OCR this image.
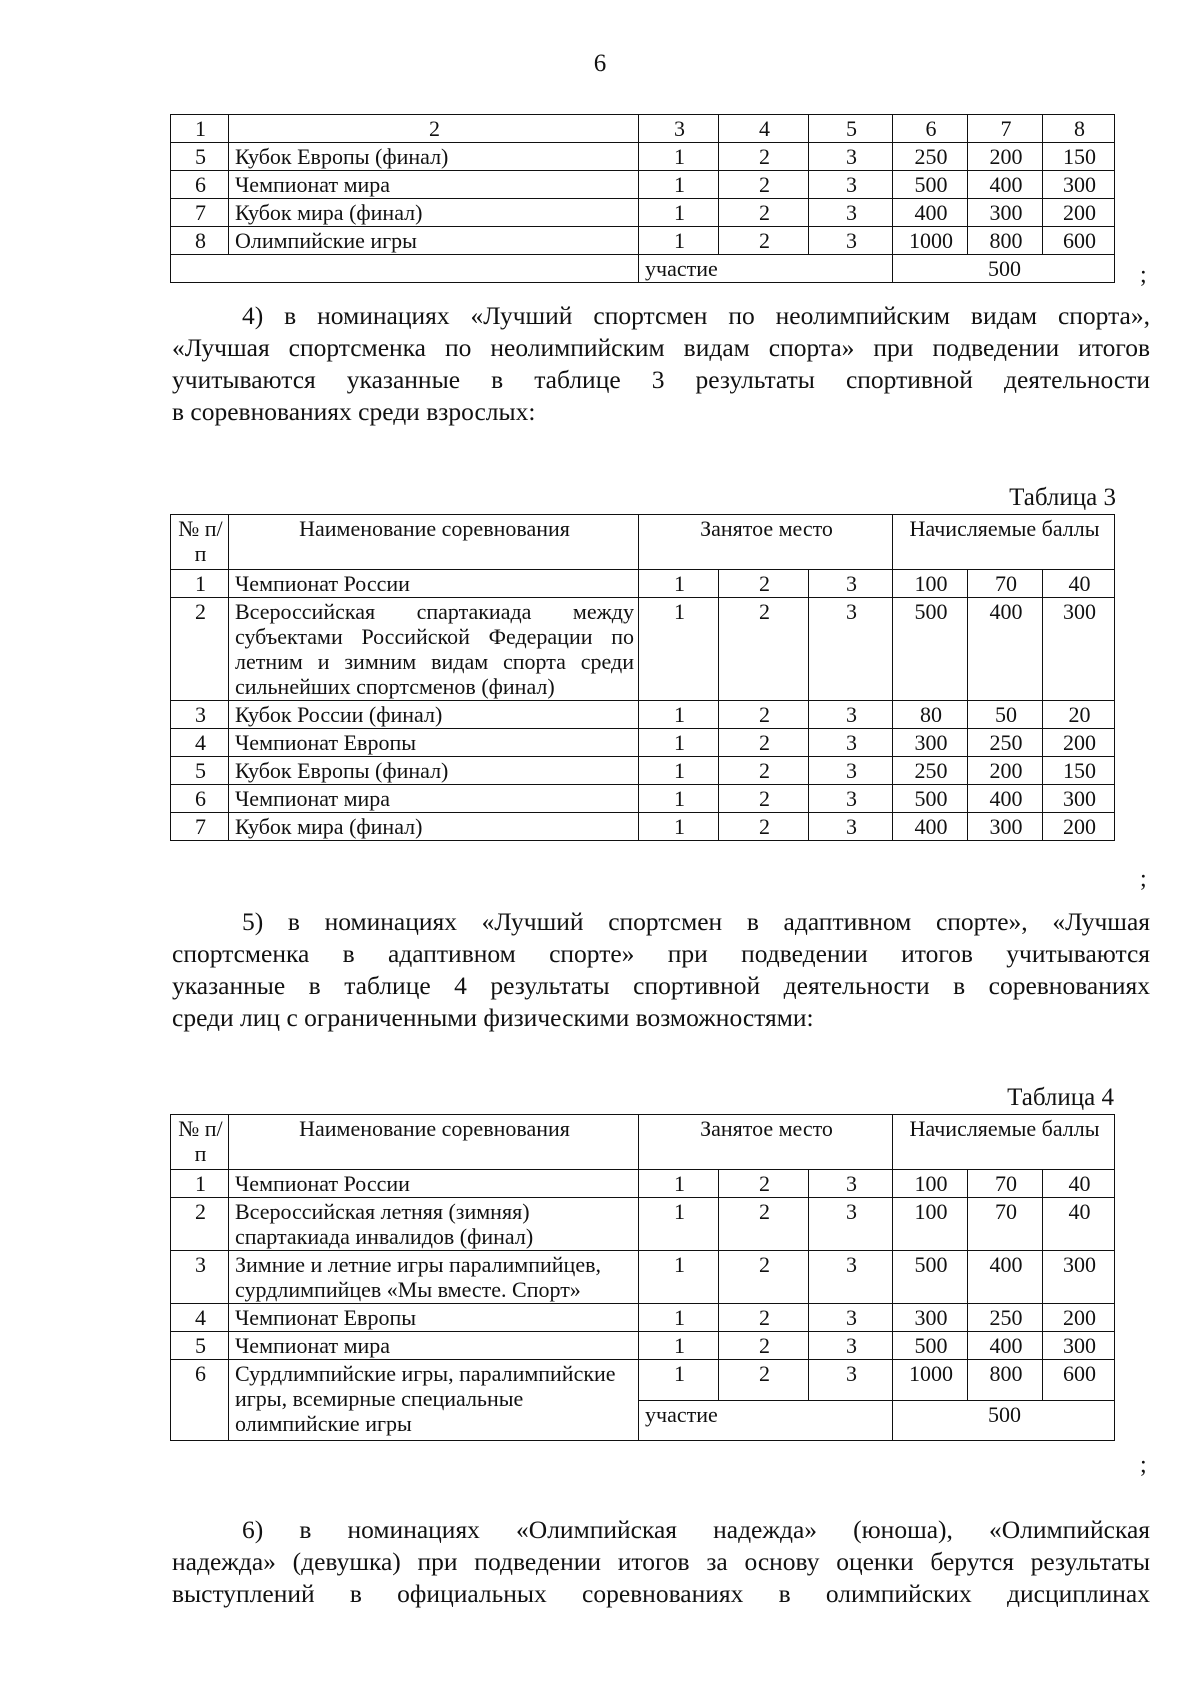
6
1	2	3	4	5	6	7	8
5	Кубок Европы (финал)	1	2	3	250	200	150
6	Чемпионат мира	1	2	3	500	400	300
7	Кубок мира (финал)	1	2	3	400	300	200
8	Олимпийские игры	1	2	3	1000	800	600
		участие			500			;
4) в номинациях «Лучший спортсмен по неолимпийским видам спорта»,
«Лучшая спортсменка по неолимпийским видам спорта» при подведении итогов
учитываются указанные в таблице 3 результаты спортивной деятельности
в соревнованиях среди взрослых:
Таблица 3
№ п/п	Наименование соревнования	Занятое место			Начисляемые баллы		
1	Чемпионат России	1	2	3	100	70	40
2	Всероссийская спартакиада между субъектами Российской Федерации по летним и зимним видам спорта среди сильнейших спортсменов (финал)	1	2	3	500	400	300
3	Кубок России (финал)	1	2	3	80	50	20
4	Чемпионат Европы	1	2	3	300	250	200
5	Кубок Европы (финал)	1	2	3	250	200	150
6	Чемпионат мира	1	2	3	500	400	300
7	Кубок мира (финал)	1	2	3	400	300	200
;
5) в номинациях «Лучший спортсмен в адаптивном спорте», «Лучшая
спортсменка в адаптивном спорте» при подведении итогов учитываются
указанные в таблице 4 результаты спортивной деятельности в соревнованиях
среди лиц с ограниченными физическими возможностями:
Таблица 4
№ п/п	Наименование соревнования	Занятое место			Начисляемые баллы		
1	Чемпионат России	1	2	3	100	70	40
2	Всероссийская летняя (зимняя) спартакиада инвалидов (финал)	1	2	3	100	70	40
3	Зимние и летние игры паралимпийцев, сурдлимпийцев «Мы вместе. Спорт»	1	2	3	500	400	300
4	Чемпионат Европы	1	2	3	300	250	200
5	Чемпионат мира	1	2	3	500	400	300
6	Сурдлимпийские игры, паралимпийские игры, всемирные специальные олимпийские игры	1	2	3	1000	800	600
		участие			500		
;
6) в номинациях «Олимпийская надежда» (юноша), «Олимпийская
надежда» (девушка) при подведении итогов за основу оценки берутся результаты
выступлений в официальных соревнованиях в олимпийских дисциплинах
